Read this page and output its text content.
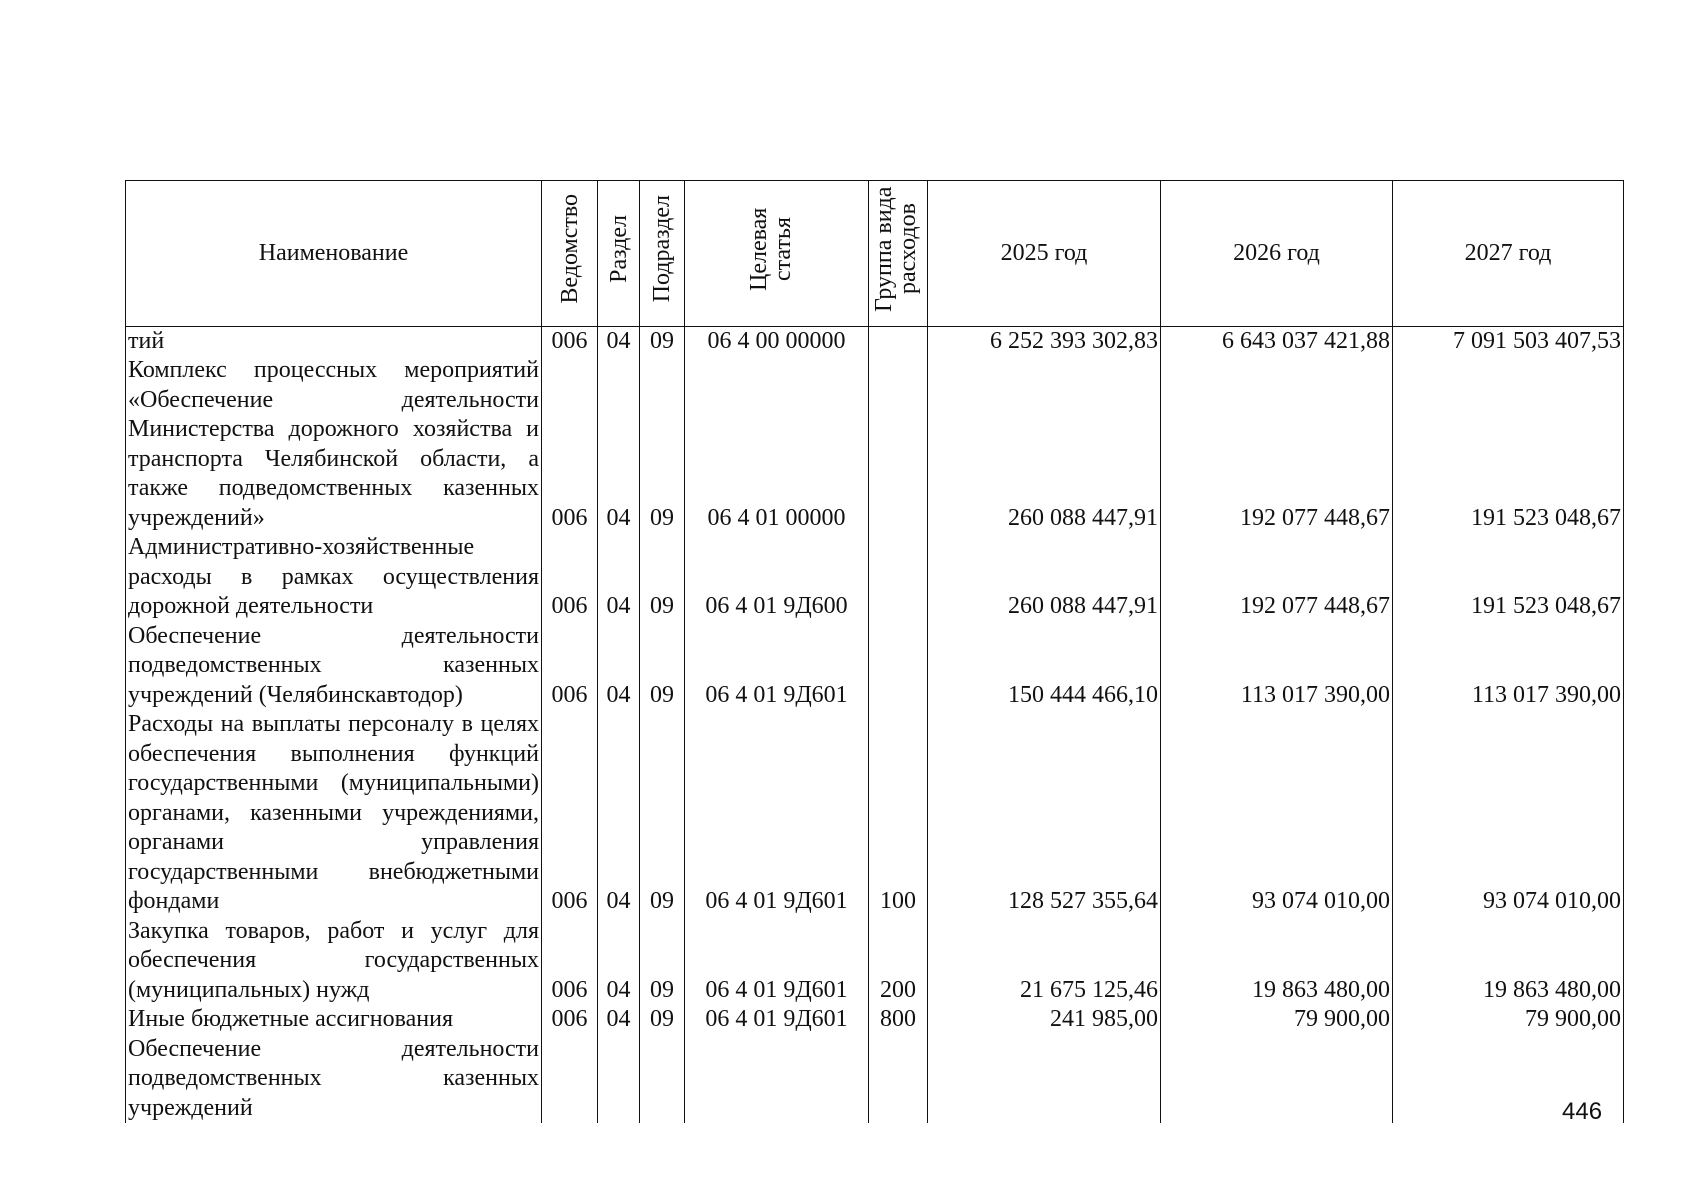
Наименование	Ведомство	Раздел	Подраздел	Целевая статья	Группа вида расходов	2025 год	2026 год	2027 год
тий	006	04	09	06 4 00 00000		6 252 393 302,83	6 643 037 421,88	7 091 503 407,53
Комплекс процессных мероприятий «Обеспечение деятельности Министерства дорожного хозяйства и транспорта Челябинской области, а также подведомственных казенных учреждений»	006	04	09	06 4 01 00000		260 088 447,91	192 077 448,67	191 523 048,67
Административно-хозяйственные расходы в рамках осуществления дорожной деятельности	006	04	09	06 4 01 9Д600		260 088 447,91	192 077 448,67	191 523 048,67
Обеспечение деятельности подведомственных казенных учреждений (Челябинскавтодор)	006	04	09	06 4 01 9Д601		150 444 466,10	113 017 390,00	113 017 390,00
Расходы на выплаты персоналу в целях обеспечения выполнения функций государственными (муниципальными) органами, казенными учреждениями, органами управления государственными внебюджетными фондами	006	04	09	06 4 01 9Д601	100	128 527 355,64	93 074 010,00	93 074 010,00
Закупка товаров, работ и услуг для обеспечения государственных (муниципальных) нужд	006	04	09	06 4 01 9Д601	200	21 675 125,46	19 863 480,00	19 863 480,00
Иные бюджетные ассигнования	006	04	09	06 4 01 9Д601	800	241 985,00	79 900,00	79 900,00
Обеспечение деятельности подведомственных казенных учреждений									446
